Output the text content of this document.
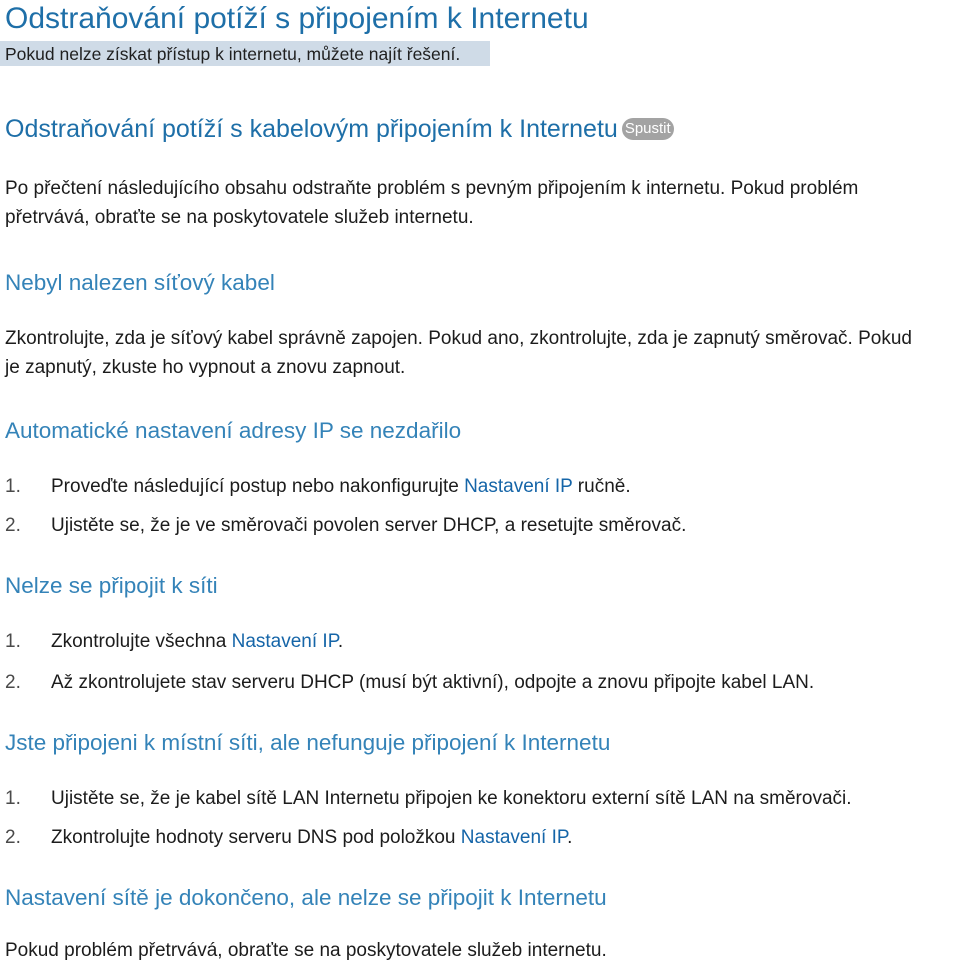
Odstraňování potíží s připojením k Internetu
Pokud nelze získat přístup k internetu, můžete najít řešení.
Odstraňování potíží s kabelovým připojením k Internetu Spustit
Po přečtení následujícího obsahu odstraňte problém s pevným připojením k internetu. Pokud problém
přetrvává, obraťte se na poskytovatele služeb internetu.
Nebyl nalezen síťový kabel
Zkontrolujte, zda je síťový kabel správně zapojen. Pokud ano, zkontrolujte, zda je zapnutý směrovač. Pokud
je zapnutý, zkuste ho vypnout a znovu zapnout.
Automatické nastavení adresy IP se nezdařilo
1. Proveďte následující postup nebo nakonfigurujte Nastavení IP ručně.
2. Ujistěte se, že je ve směrovači povolen server DHCP, a resetujte směrovač.
Nelze se připojit k síti
1. Zkontrolujte všechna Nastavení IP.
2. Až zkontrolujete stav serveru DHCP (musí být aktivní), odpojte a znovu připojte kabel LAN.
Jste připojeni k místní síti, ale nefunguje připojení k Internetu
1. Ujistěte se, že je kabel sítě LAN Internetu připojen ke konektoru externí sítě LAN na směrovači.
2. Zkontrolujte hodnoty serveru DNS pod položkou Nastavení IP.
Nastavení sítě je dokončeno, ale nelze se připojit k Internetu
Pokud problém přetrvává, obraťte se na poskytovatele služeb internetu.
